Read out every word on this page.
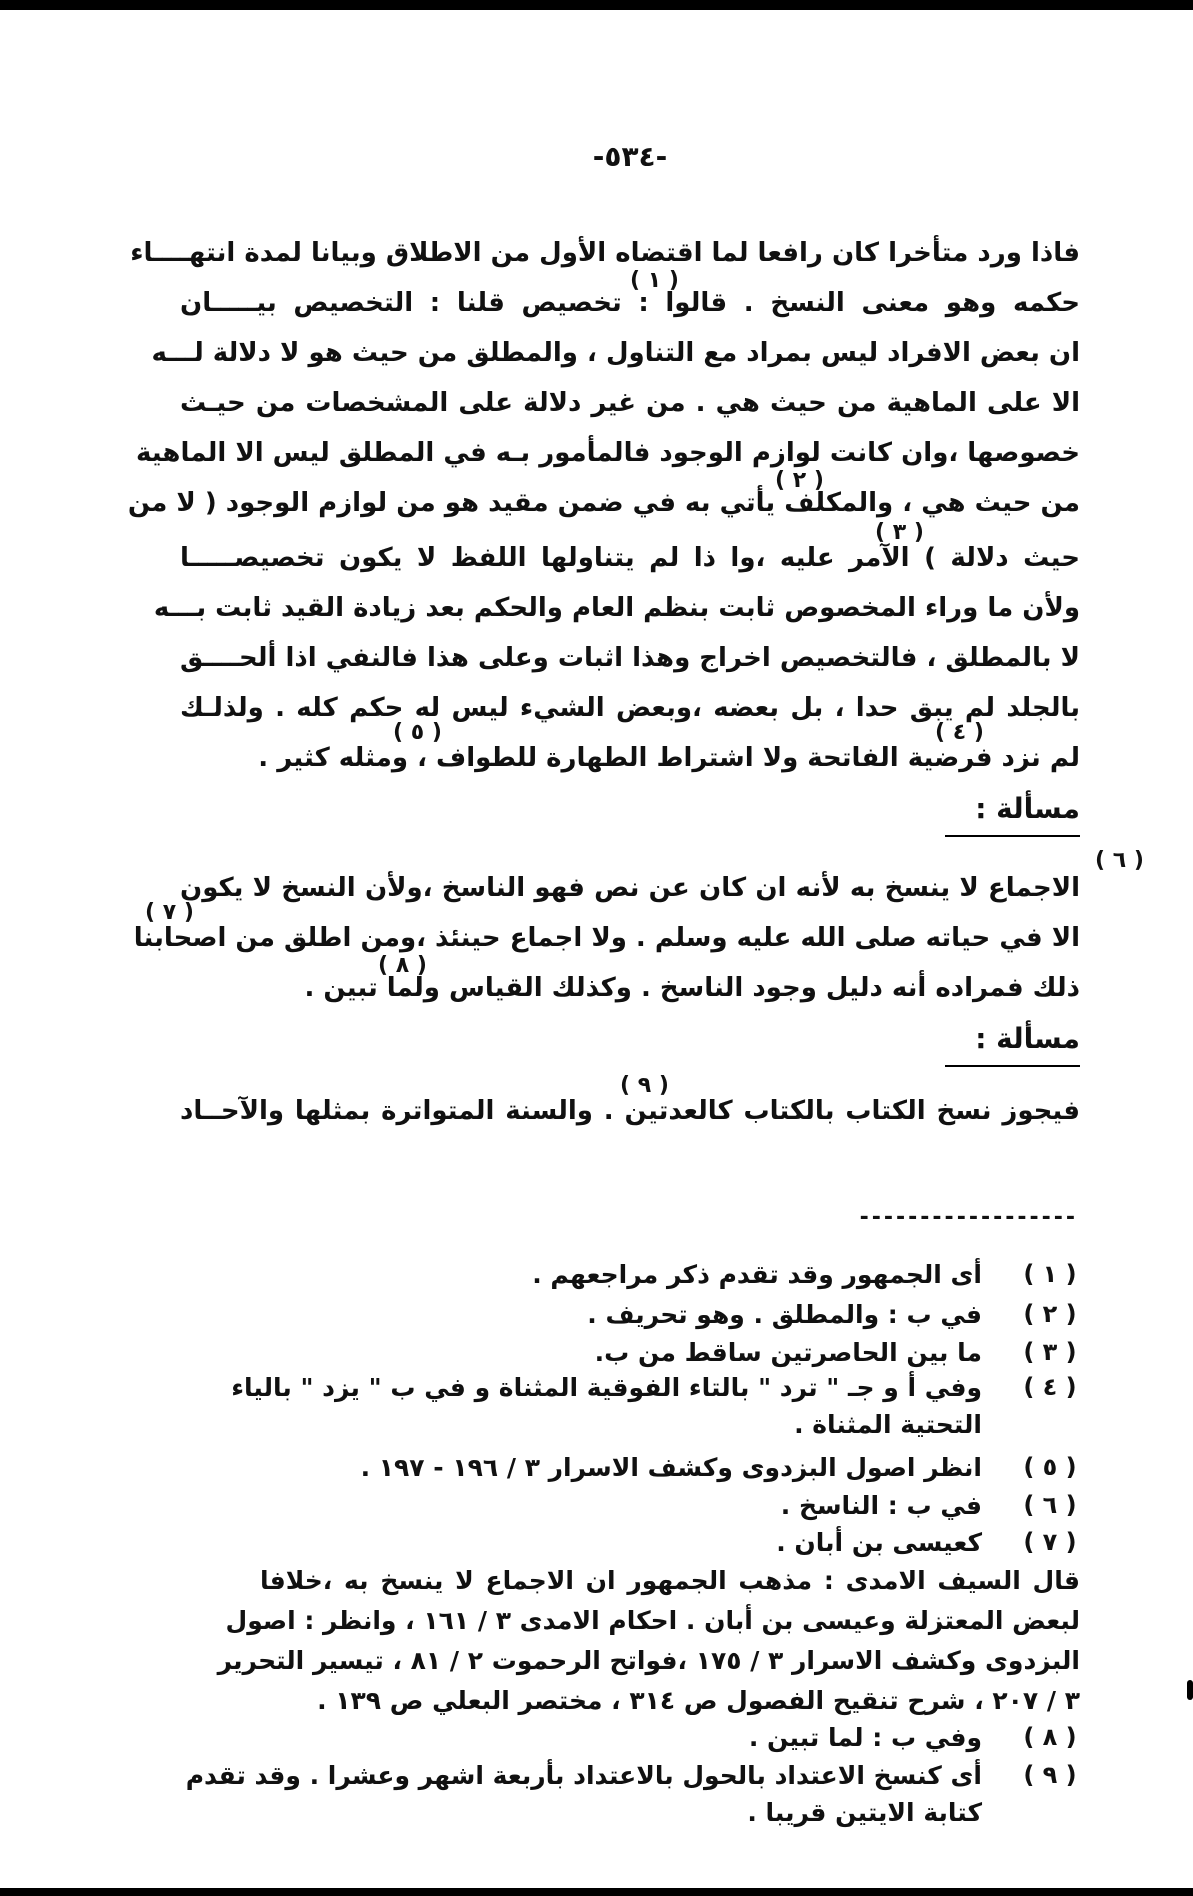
-٥٣٤-
فاذا ورد متأخرا كان رافعا لما اقتضاه الأول من الاطلاق وبيانا لمدة انتهــــاء
حكمه وهو معنى النسخ . قالوا : تخصيص قلنا : التخصيص بيـــــان
ان بعض الافراد ليس بمراد مع التناول ، والمطلق من حيث هو لا دلالة لـــه
الا على الماهية من حيث هي . من غير دلالة على المشخصات من حيـث
خصوصها ،وان كانت لوازم الوجود فالمأمور بـه في المطلق ليس الا الماهية
من حيث هي ، والمكلف يأتي به في ضمن مقيد هو من لوازم الوجود ( لا من
حيث دلالة ) الآمر عليه ،وا ذا لم يتناولها اللفظ لا يكون تخصيصـــــا
ولأن ما وراء المخصوص ثابت بنظم العام والحكم بعد زيادة القيد ثابت بـــه
لا بالمطلق ، فالتخصيص اخراج وهذا اثبات وعلى هذا فالنفي اذا ألحــــق
بالجلد لم يبق حدا ، بل بعضه ،وبعض الشيء ليس له حكم كله . ولذلـك
لم نزد فرضية الفاتحة ولا اشتراط الطهارة للطواف ، ومثله كثير .
( ١ )
( ٢ )
( ٣ )
( ٤ )
( ٥ )
مسألة :
( ٦ )
الاجماع لا ينسخ به لأنه ان كان عن نص فهو الناسخ ،ولأن النسخ لا يكون
( ٧ )
الا في حياته صلى الله عليه وسلم . ولا اجماع حينئذ ،ومن اطلق من اصحابنا
( ٨ )
ذلك فمراده أنه دليل وجود الناسخ . وكذلك القياس ولما تبين .
مسألة :
( ٩ )
فيجوز نسخ الكتاب بالكتاب كالعدتين . والسنة المتواترة بمثلها والآحــاد
------------------
( ١ )
أى الجمهور وقد تقدم ذكر مراجعهم .
( ٢ )
في ب : والمطلق . وهو تحريف .
( ٣ )
ما بين الحاصرتين ساقط من ب.
( ٤ )
وفي أ و جـ " ترد " بالتاء الفوقية المثناة و في ب " يزد " بالياء
التحتية المثناة .
( ٥ )
انظر اصول البزدوى وكشف الاسرار ٣ / ١٩٦ - ١٩٧ .
( ٦ )
في ب : الناسخ .
( ٧ )
كعيسى بن أبان .
قال السيف الامدى : مذهب الجمهور ان الاجماع لا ينسخ به ،خلافا
لبعض المعتزلة وعيسى بن أبان . احكام الامدى ٣ / ١٦١ ، وانظر : اصول
البزدوى وكشف الاسرار ٣ / ١٧٥ ،فواتح الرحموت ٢ / ٨١ ، تيسير التحرير
٣ / ٢٠٧ ، شرح تنقيح الفصول ص ٣١٤ ، مختصر البعلي ص ١٣٩ .
( ٨ )
وفي ب : لما تبين .
( ٩ )
أى كنسخ الاعتداد بالحول بالاعتداد بأربعة اشهر وعشرا . وقد تقدم
كتابة الايتين قريبا .
